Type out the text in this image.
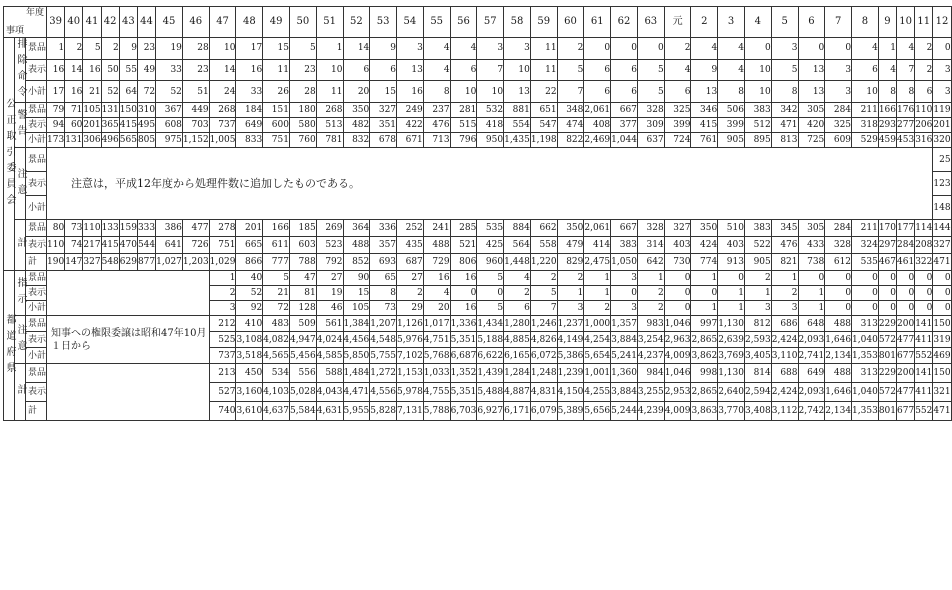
年度
事項			39	40	41	42	43	44	45	46	47	48	49	50	51	52	53	54	55	56	57	58	59	60	61	62	63	元	2	3	4	5	6	7	8	9	10	11	12
公正取引委員会	排除命令	景品	1	2	5	2	9	23	19	28	10	17	15	5	1	14	9	3	4	4	3	3	11	2	0	0	0	2	4	4	0	3	0	0	4	1	4	2	0
		表示	16	14	16	50	55	49	33	23	14	16	11	23	10	6	6	13	4	6	7	10	11	5	6	6	5	4	9	4	10	5	13	3	6	4	7	2	3
		小計	17	16	21	52	64	72	52	51	24	33	26	28	11	20	15	16	8	10	10	13	22	7	6	6	5	6	13	8	10	8	13	3	10	8	8	6	3
	警告	景品	79	71	105	131	150	310	367	449	268	184	151	180	268	350	327	249	237	281	532	881	651	348	2,061	667	328	325	346	506	383	342	305	284	211	166	176	110	119
		表示	94	60	201	365	415	495	608	703	737	649	600	580	513	482	351	422	476	515	418	554	547	474	408	377	309	399	415	399	512	471	420	325	318	293	277	206	201
		小計	173	131	306	496	565	805	975	1,152	1,005	833	751	760	781	832	678	671	713	796	950	1,435	1,198	822	2,469	1,044	637	724	761	905	895	813	725	609	529	459	453	316	320
	注意	景品	注意は，平成12年度から処理件数に追加したものである。																																				25
		表示																																					123
		小計																																					148
	計	景品	80	73	110	133	159	333	386	477	278	201	166	185	269	364	336	252	241	285	535	884	662	350	2,061	667	328	327	350	510	383	345	305	284	211	170	177	114	144
		表示	110	74	217	415	470	544	641	726	751	665	611	603	523	488	357	435	488	521	425	564	558	479	414	383	314	403	424	403	522	476	433	328	324	297	284	208	327
		計	190	147	327	548	629	877	1,027	1,203	1,029	866	777	788	792	852	693	687	729	806	960	1,448	1,220	829	2,475	1,050	642	730	774	913	905	821	738	612	535	467	461	322	471
都道府県	指示	景品									1	40	5	47	27	90	65	27	16	16	5	4	2	2	1	3	1	0	1	0	2	1	0	0	0	0	0	0	0
		表示									2	52	21	81	19	15	8	2	4	0	0	2	5	1	1	0	2	0	0	1	1	2	1	0	0	0	0	0	0
		小計									3	92	72	128	46	105	73	29	20	16	5	6	7	3	2	3	2	0	1	1	3	3	1	0	0	0	0	0	0
	注意	景品	知事への権限委譲は昭和47年10月１日から								212	410	483	509	561	1,384	1,207	1,126	1,017	1,336	1,434	1,280	1,246	1,237	1,000	1,357	983	1,046	997	1,130	812	686	648	488	313	229	200	141	150
		表示									525	3,108	4,082	4,947	4,024	4,456	4,548	5,976	4,751	5,351	5,188	4,885	4,826	4,149	4,254	3,884	3,254	2,963	2,865	2,639	2,593	2,424	2,093	1,646	1,040	572	477	411	319
		小計									737	3,518	4,565	5,456	4,585	5,850	5,755	7,102	5,768	6,687	6,622	6,165	6,072	5,386	5,654	5,241	4,237	4,009	3,862	3,769	3,405	3,110	2,741	2,134	1,353	801	677	552	469
	計	景品									213	450	534	556	588	1,484	1,272	1,153	1,033	1,352	1,439	1,284	1,248	1,239	1,001	1,360	984	1,046	998	1,130	814	688	649	488	313	229	200	141	150
		表示									527	3,160	4,103	5,028	4,043	4,471	4,556	5,978	4,755	5,351	5,488	4,887	4,831	4,150	4,255	3,884	3,255	2,953	2,865	2,640	2,594	2,424	2,093	1,646	1,040	572	477	411	321
		計									740	3,610	4,637	5,584	4,631	5,955	5,828	7,131	5,788	6,703	6,927	6,171	6,079	5,389	5,656	5,244	4,239	4,009	3,863	3,770	3,408	3,112	2,742	2,134	1,353	801	677	552	471
